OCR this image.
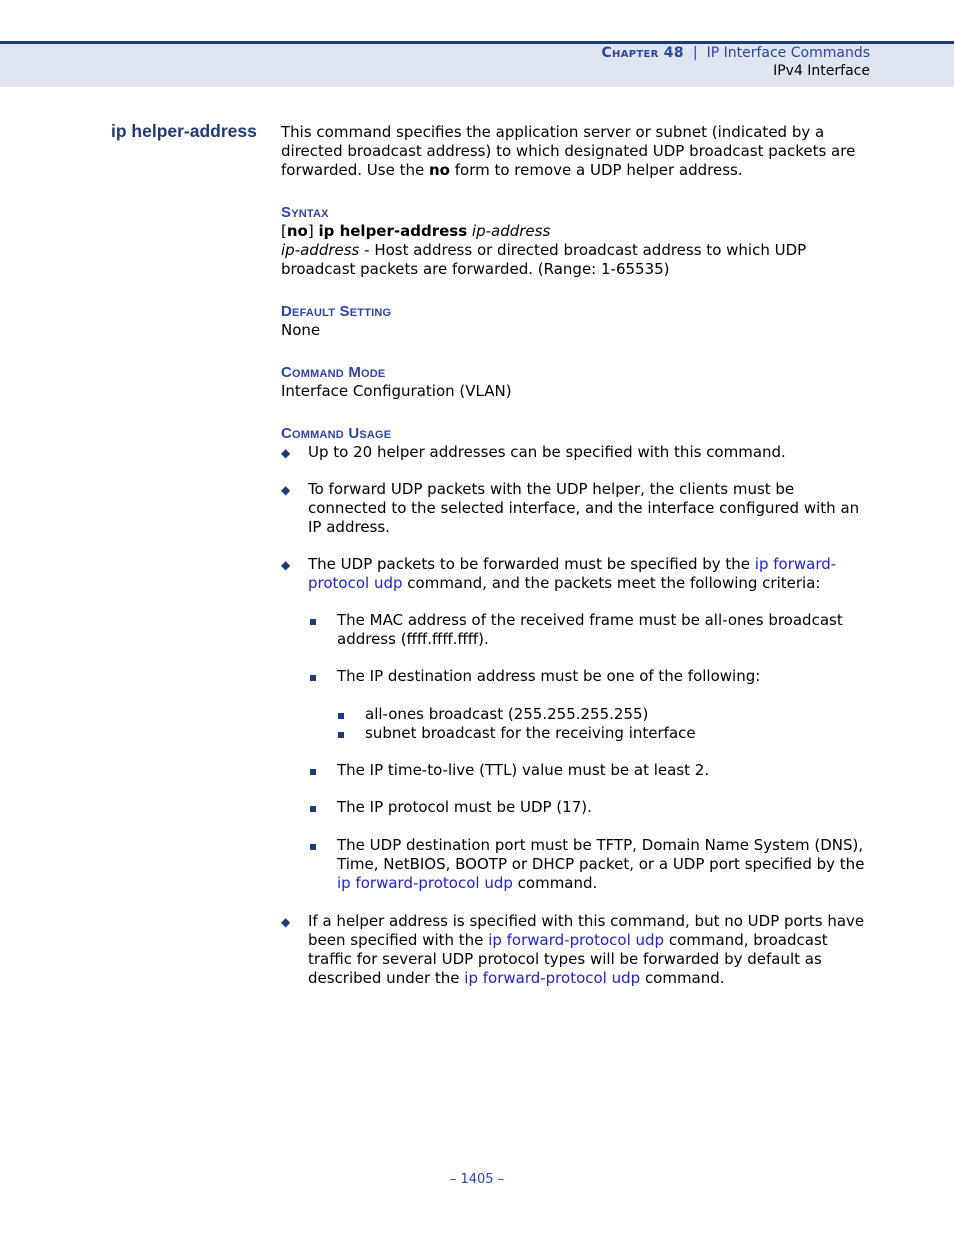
Chapter 48 | IP Interface Commands
IPv4 Interface
ip helper-address This command specifies the application server or subnet (indicated by a directed broadcast address) to which designated UDP broadcast packets are forwarded. Use the no form to remove a UDP helper address.

Syntax

[no] ip helper-address ip-address

ip-address - Host address or directed broadcast address to which UDP broadcast packets are forwarded. (Range: 1-65535)

Default Setting

None

Command Mode

Interface Configuration (VLAN)

Command Usage

◆ Up to 20 helper addresses can be specified with this command.

◆ To forward UDP packets with the UDP helper, the clients must be connected to the selected interface, and the interface configured with an IP address.

◆ The UDP packets to be forwarded must be specified by the ip forward-protocol udp command, and the packets meet the following criteria:

The MAC address of the received frame must be all-ones broadcast address (ffff.ffff.ffff).

The IP destination address must be one of the following:

all-ones broadcast (255.255.255.255)

subnet broadcast for the receiving interface

The IP time-to-live (TTL) value must be at least 2.

The IP protocol must be UDP (17).

The UDP destination port must be TFTP, Domain Name System (DNS), Time, NetBIOS, BOOTP or DHCP packet, or a UDP port specified by the ip forward-protocol udp command.

◆ If a helper address is specified with this command, but no UDP ports have been specified with the ip forward-protocol udp command, broadcast traffic for several UDP protocol types will be forwarded by default as described under the ip forward-protocol udp command.

– 1405 –
